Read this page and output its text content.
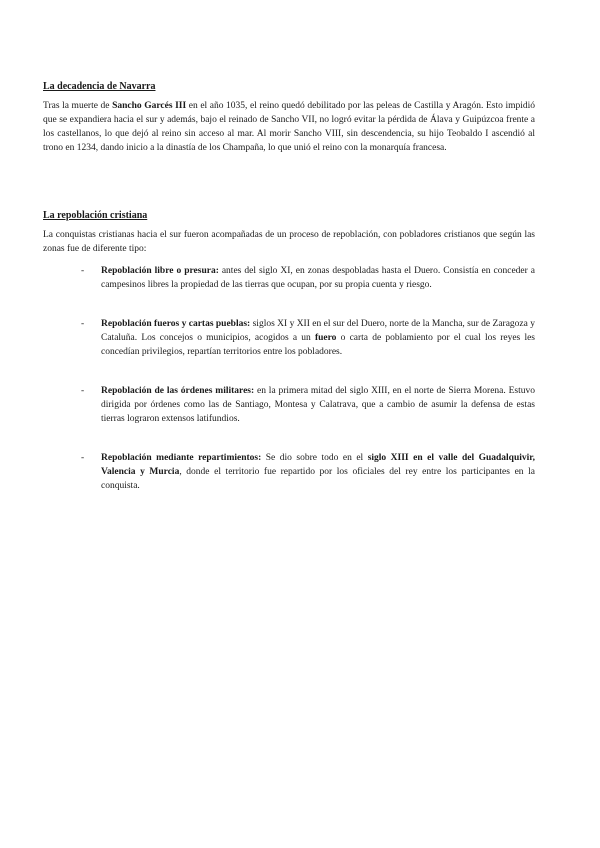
La decadencia de Navarra

Tras la muerte de Sancho Garcés III en el año 1035, el reino quedó debilitado por las peleas de Castilla y Aragón. Esto impidió que se expandiera hacia el sur y además, bajo el reinado de Sancho VII, no logró evitar la pérdida de Álava y Guipúzcoa frente a los castellanos, lo que dejó al reino sin acceso al mar. Al morir Sancho VIII, sin descendencia, su hijo Teobaldo I ascendió al trono en 1234, dando inicio a la dinastía de los Champaña, lo que unió el reino con la monarquía francesa.

La repoblación cristiana

La conquistas cristianas hacia el sur fueron acompañadas de un proceso de repoblación, con pobladores cristianos que según las zonas fue de diferente tipo:

- Repoblación libre o presura: antes del siglo XI, en zonas despobladas hasta el Duero. Consistía en conceder a campesinos libres la propiedad de las tierras que ocupan, por su propia cuenta y riesgo.
- Repoblación fueros y cartas pueblas: siglos XI y XII en el sur del Duero, norte de la Mancha, sur de Zaragoza y Cataluña. Los concejos o municipios, acogidos a un fuero o carta de poblamiento por el cual los reyes les concedían privilegios, repartían territorios entre los pobladores.
- Repoblación de las órdenes militares: en la primera mitad del siglo XIII, en el norte de Sierra Morena. Estuvo dirigida por órdenes como las de Santiago, Montesa y Calatrava, que a cambio de asumir la defensa de estas tierras lograron extensos latifundios.
- Repoblación mediante repartimientos: Se dio sobre todo en el siglo XIII en el valle del Guadalquivir, Valencia y Murcia, donde el territorio fue repartido por los oficiales del rey entre los participantes en la conquista.
